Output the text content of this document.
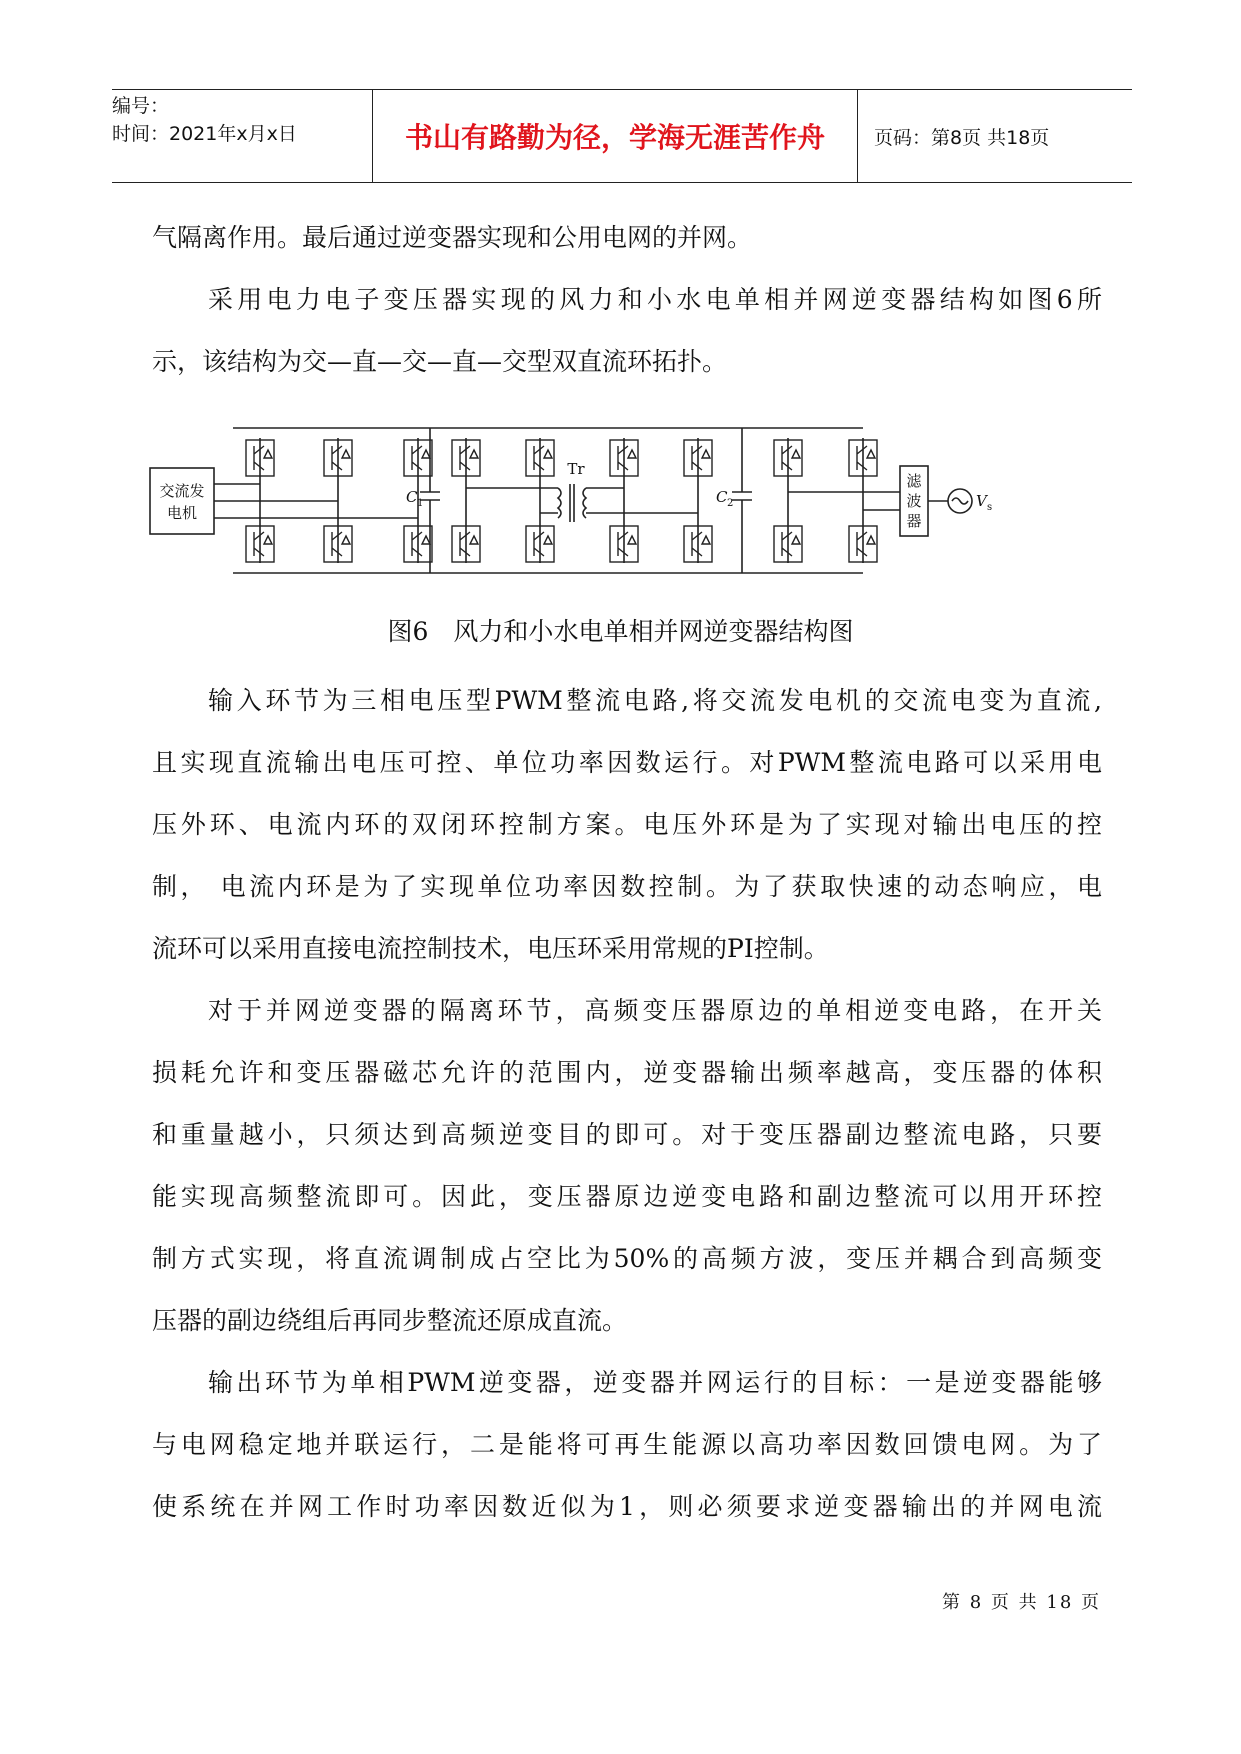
编号：
时间：2021年x月x日	书山有路勤为径，学海无涯苦作舟	页码：第8页 共18页
气隔离作用。最后通过逆变器实现和公用电网的并网。
采用电力电子变压器实现的风力和小水电单相并网逆变器结构如图6所
示，该结构为交—直—交—直—交型双直流环拓扑。
交流发
电机
滤
波
器
Tr
C 1	C 2	V s
图6　风力和小水电单相并网逆变器结构图
输入环节为三相电压型PWM整流电路,将交流发电机的交流电变为直流,
且实现直流输出电压可控、单位功率因数运行。对PWM整流电路可以采用电
压外环、电流内环的双闭环控制方案。电压外环是为了实现对输出电压的控
制， 电流内环是为了实现单位功率因数控制。为了获取快速的动态响应，电
流环可以采用直接电流控制技术，电压环采用常规的PI控制。
对于并网逆变器的隔离环节，高频变压器原边的单相逆变电路，在开关
损耗允许和变压器磁芯允许的范围内，逆变器输出频率越高，变压器的体积
和重量越小，只须达到高频逆变目的即可。对于变压器副边整流电路，只要
能实现高频整流即可。因此，变压器原边逆变电路和副边整流可以用开环控
制方式实现，将直流调制成占空比为50%的高频方波，变压并耦合到高频变
压器的副边绕组后再同步整流还原成直流。
输出环节为单相PWM逆变器，逆变器并网运行的目标：一是逆变器能够
与电网稳定地并联运行，二是能将可再生能源以高功率因数回馈电网。为了
使系统在并网工作时功率因数近似为1，则必须要求逆变器输出的并网电流
第 8 页 共 18 页
